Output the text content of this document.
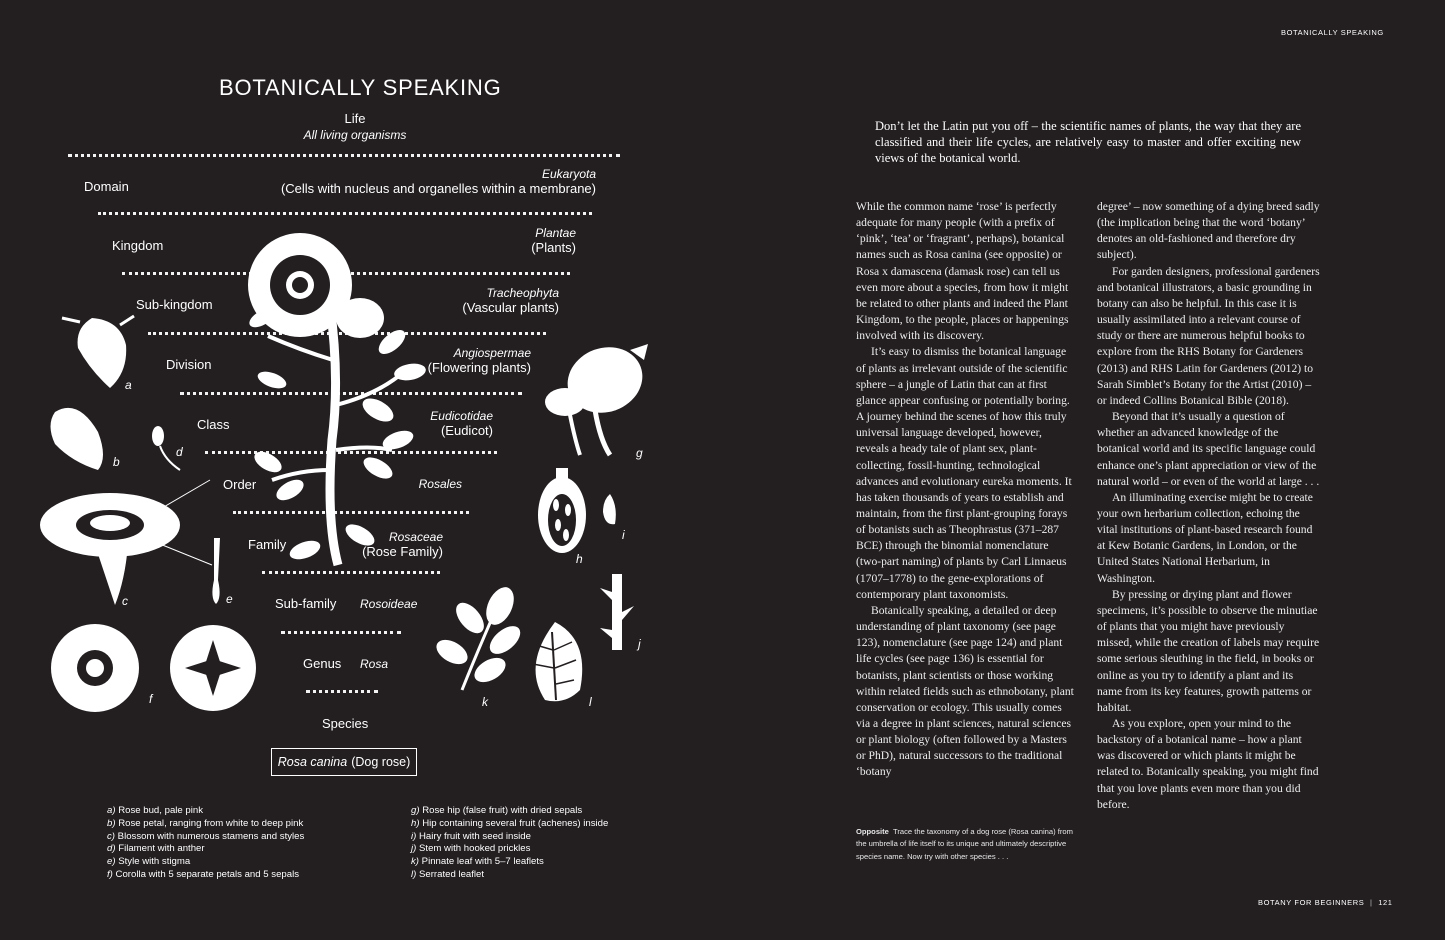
BOTANICALLY SPEAKING
BOTANY FOR BEGINNERS | 121
BOTANICALLY SPEAKING
Life
All living organisms
Domain
Kingdom
Sub-kingdom
Division
Class
Order
Family
Sub-family
Genus
Species
Eukaryota
(Cells with nucleus and organelles within a membrane)
Plantae
(Plants)
Tracheophyta
(Vascular plants)
Angiospermae
(Flowering plants)
Eudicotidae
(Eudicot)
Rosales
Rosaceae
(Rose Family)
Rosoideae
Rosa
Rosa canina (Dog rose)
a
b
c
d
e
f
g
h
i
j
k	l
a) Rose bud, pale pink
b) Rose petal, ranging from white to deep pink
c) Blossom with numerous stamens and styles
d) Filament with anther
e) Style with stigma
f) Corolla with 5 separate petals and 5 sepals
g) Rose hip (false fruit) with dried sepals
h) Hip containing several fruit (achenes) inside
i) Hairy fruit with seed inside
j) Stem with hooked prickles
k) Pinnate leaf with 5–7 leaflets
l) Serrated leaflet
Don’t let the Latin put you off – the scientific names of plants, the way that they are classified and their life cycles, are relatively easy to master and offer exciting new views of the botanical world.

While the common name ‘rose’ is perfectly adequate for many people (with a prefix of ‘pink’, ‘tea’ or ‘fragrant’, perhaps), botanical names such as Rosa canina (see opposite) or Rosa x damascena (damask rose) can tell us even more about a species, from how it might be related to other plants and indeed the Plant Kingdom, to the people, places or happenings involved with its discovery.

It’s easy to dismiss the botanical language of plants as irrelevant outside of the scientific sphere – a jungle of Latin that can at first glance appear confusing or potentially boring. A journey behind the scenes of how this truly universal language developed, however, reveals a heady tale of plant sex, plant-collecting, fossil-hunting, technological advances and evolutionary eureka moments. It has taken thousands of years to establish and maintain, from the first plant-grouping forays of botanists such as Theophrastus (371–287 BCE) through the binomial nomenclature (two-part naming) of plants by Carl Linnaeus (1707–1778) to the gene-explorations of contemporary plant taxonomists.

Botanically speaking, a detailed or deep understanding of plant taxonomy (see page 123), nomenclature (see page 124) and plant life cycles (see page 136) is essential for botanists, plant scientists or those working within related fields such as ethnobotany, plant conservation or ecology. This usually comes via a degree in plant sciences, natural sciences or plant biology (often followed by a Masters or PhD), natural successors to the traditional ‘botany

degree’ – now something of a dying breed sadly (the implication being that the word ‘botany’ denotes an old-fashioned and therefore dry subject).

For garden designers, professional gardeners and botanical illustrators, a basic grounding in botany can also be helpful. In this case it is usually assimilated into a relevant course of study or there are numerous helpful books to explore from the RHS Botany for Gardeners (2013) and RHS Latin for Gardeners (2012) to Sarah Simblet’s Botany for the Artist (2010) – or indeed Collins Botanical Bible (2018).

Beyond that it’s usually a question of whether an advanced knowledge of the botanical world and its specific language could enhance one’s plant appreciation or view of the natural world – or even of the world at large . . .

An illuminating exercise might be to create your own herbarium collection, echoing the vital institutions of plant-based research found at Kew Botanic Gardens, in London, or the United States National Herbarium, in Washington.

By pressing or drying plant and flower specimens, it’s possible to observe the minutiae of plants that you might have previously missed, while the creation of labels may require some serious sleuthing in the field, in books or online as you try to identify a plant and its name from its key features, growth patterns or habitat.

As you explore, open your mind to the backstory of a botanical name – how a plant was discovered or which plants it might be related to. Botanically speaking, you might find that you love plants even more than you did before.

Opposite Trace the taxonomy of a dog rose (Rosa canina) from the umbrella of life itself to its unique and ultimately descriptive species name. Now try with other species . . .
